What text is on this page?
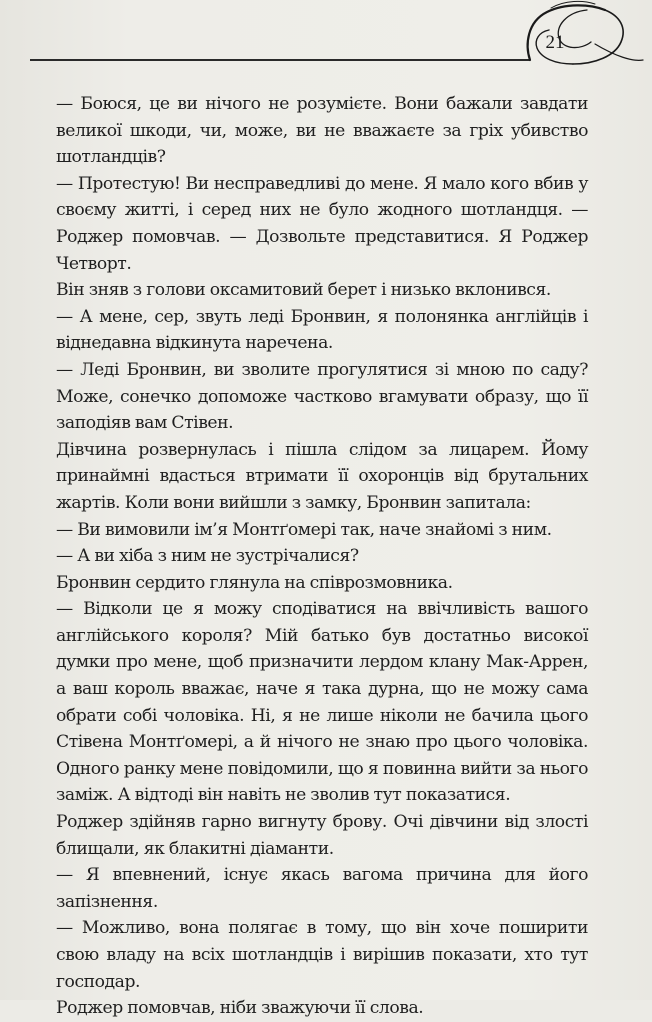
21

— Боюся, це ви нічого не розумієте. Вони бажали завдати великої шкоди, чи, може, ви не вважаєте за гріх убивство шотландців?

— Протестую! Ви несправедливі до мене. Я мало кого вбив у своєму житті, і серед них не було жодного шотландця. — Роджер помовчав. — Дозвольте представитися. Я Роджер Четворт.

Він зняв з голови оксамитовий берет і низько вклонився.

— А мене, сер, звуть леді Бронвин, я полонянка англійців і віднедавна відкинута наречена.

— Леді Бронвин, ви зволите прогулятися зі мною по саду? Може, сонечко допоможе частково вгамувати образу, що її заподіяв вам Стівен.

Дівчина розвернулась і пішла слідом за лицарем. Йому принаймні вдасться втримати її охоронців від брутальних жартів. Коли вони вийшли з замку, Бронвин запитала:

— Ви вимовили ім’я Монтґомері так, наче знайомі з ним.

— А ви хіба з ним не зустрічалися?

Бронвин сердито глянула на співрозмовника.

— Відколи це я можу сподіватися на ввічливість вашого англійського короля? Мій батько був достатньо високої думки про мене, щоб призначити лердом клану Мак-Аррен, а ваш король вважає, наче я така дурна, що не можу сама обрати собі чоловіка. Ні, я не лише ніколи не бачила цього Стівена Монтґомері, а й нічого не знаю про цього чоловіка. Одного ранку мене повідомили, що я повинна вийти за нього заміж. А відтоді він навіть не зволив тут показатися.

Роджер здійняв гарно вигнуту брову. Очі дівчини від злості блищали, як блакитні діаманти.

— Я впевнений, існує якась вагома причина для його запізнення.

— Можливо, вона полягає в тому, що він хоче поширити свою владу на всіх шотландців і вирішив показати, хто тут господар.

Роджер помовчав, ніби зважуючи її слова.
